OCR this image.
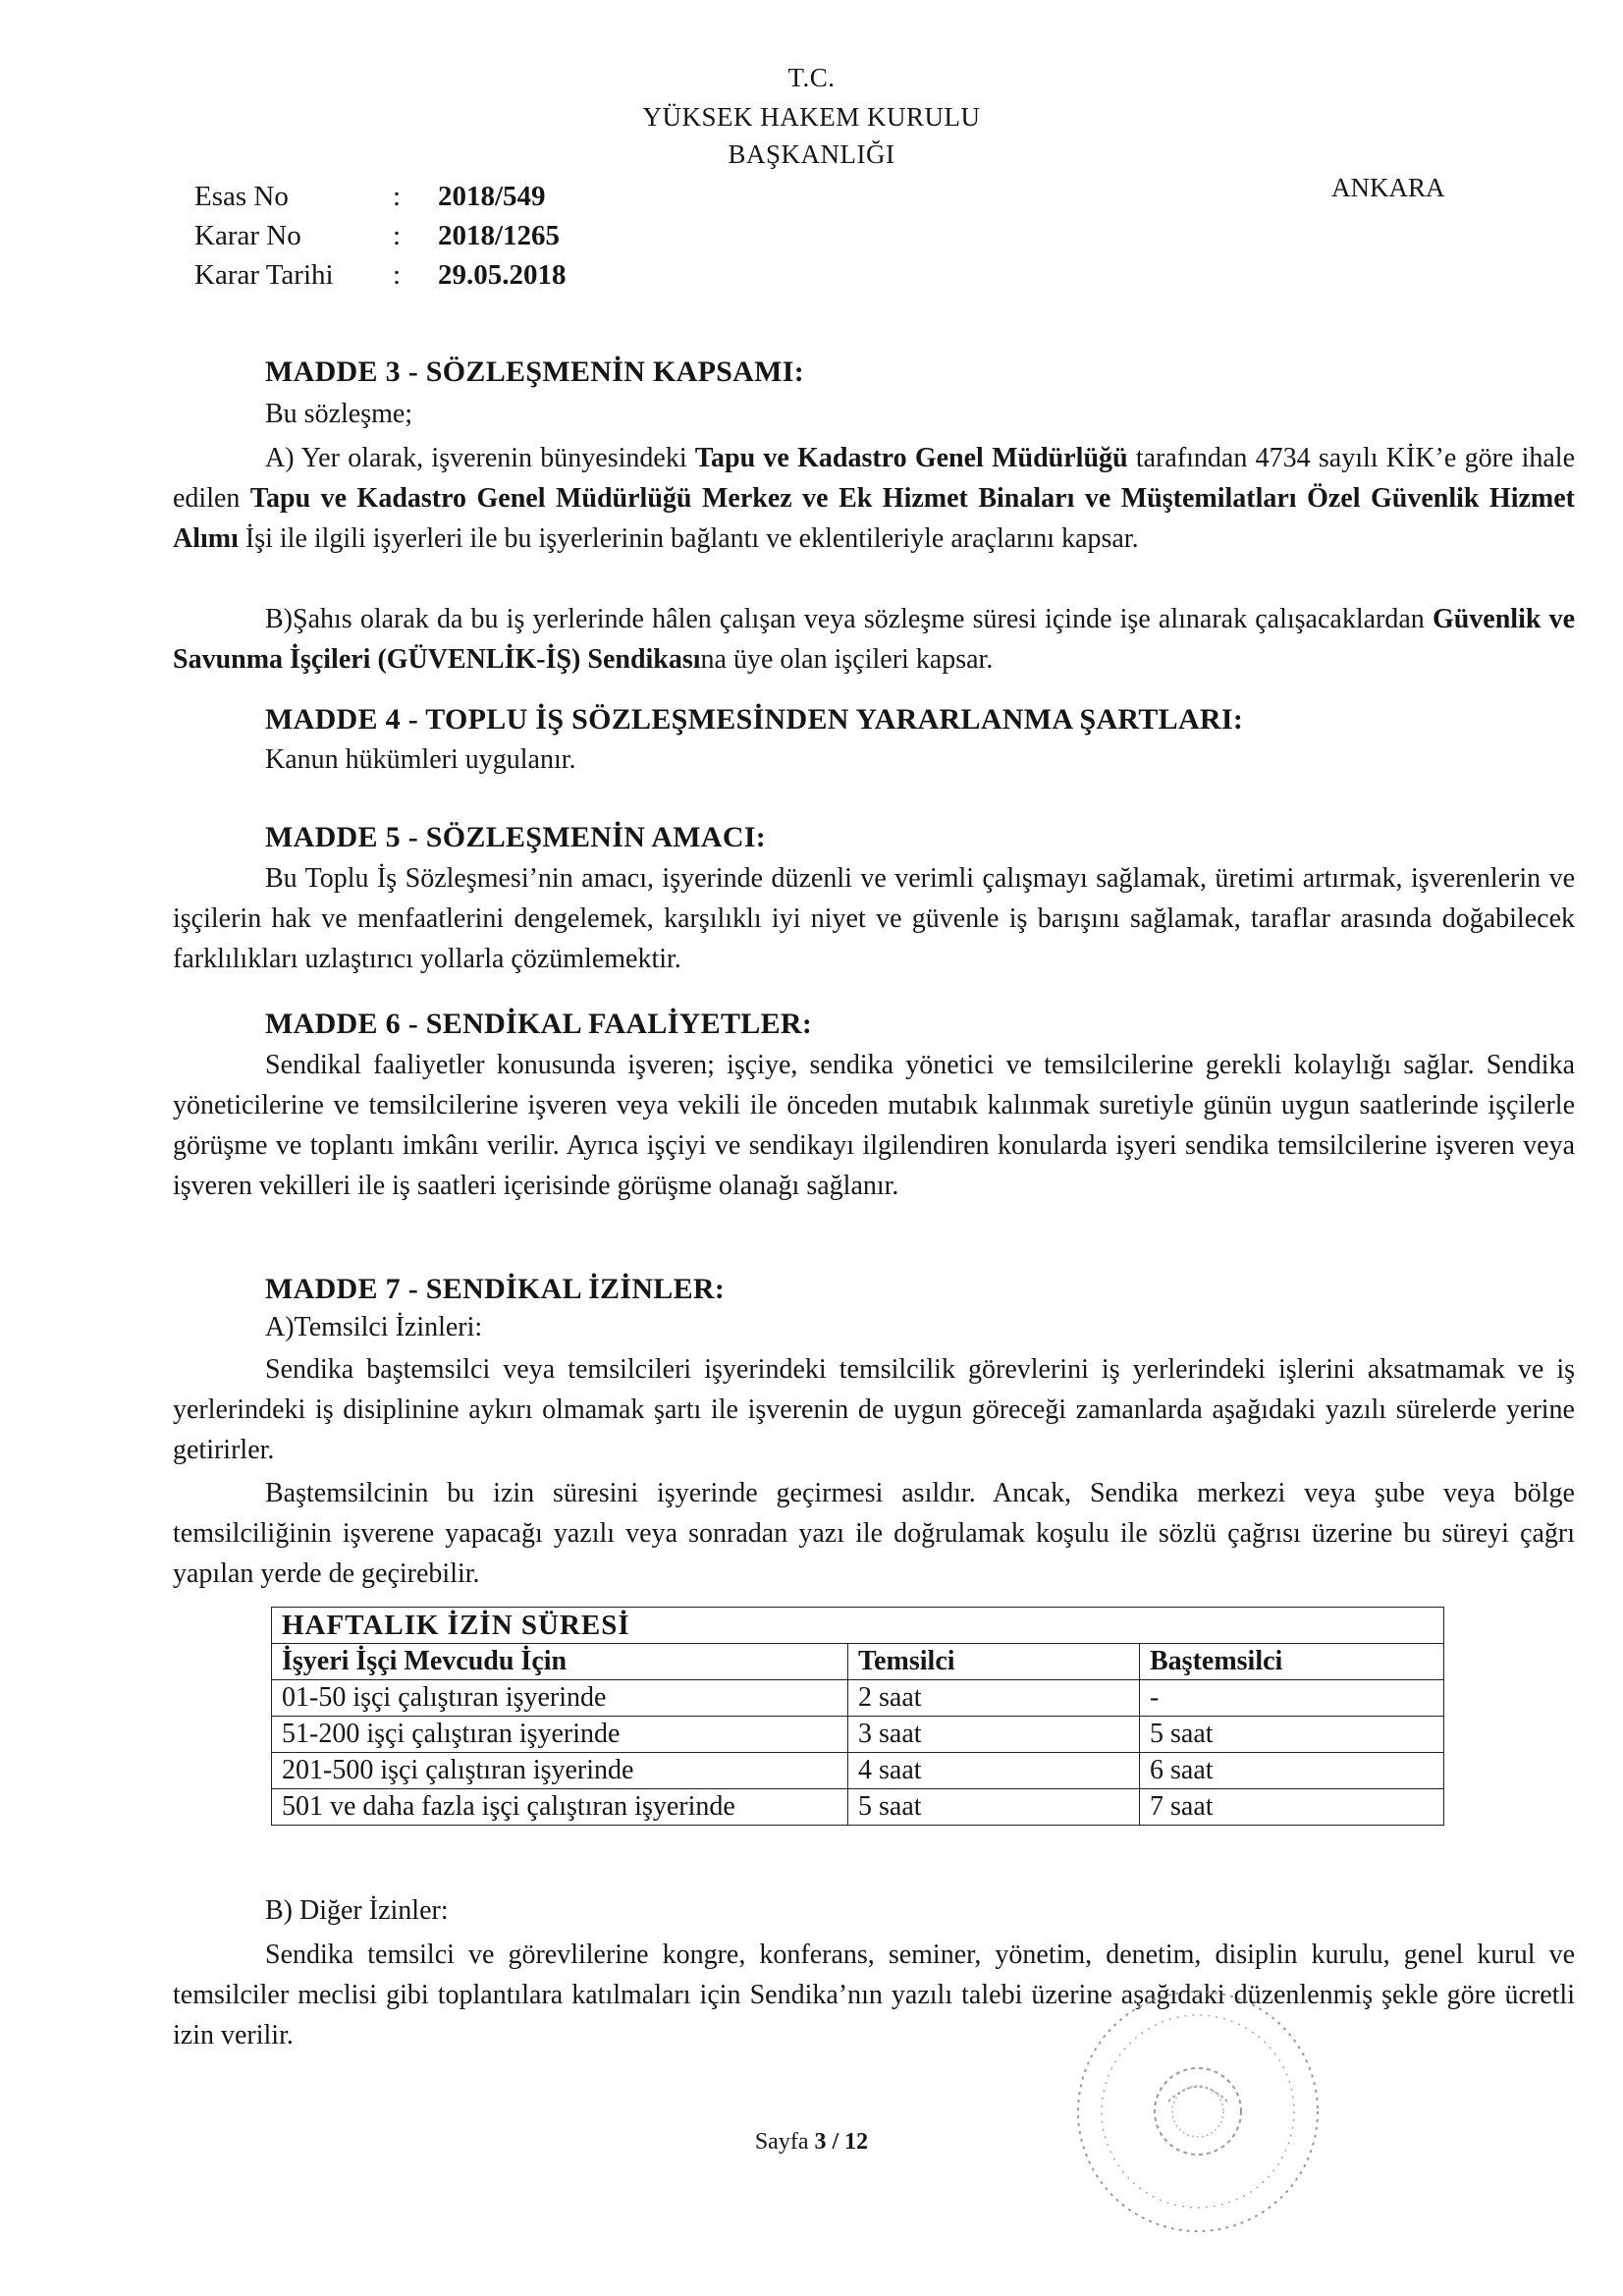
T.C.
YÜKSEK HAKEM KURULU
BAŞKANLIĞI
ANKARA
Esas No	: 2018/549
Karar No	: 2018/1265
Karar Tarihi : 29.05.2018
MADDE 3 - SÖZLEŞMENİN KAPSAMI:
Bu sözleşme;
A) Yer olarak, işverenin bünyesindeki Tapu ve Kadastro Genel Müdürlüğü tarafından 4734 sayılı KİK’e göre ihale edilen Tapu ve Kadastro Genel Müdürlüğü Merkez ve Ek Hizmet Binaları ve Müştemilatları Özel Güvenlik Hizmet Alımı İşi ile ilgili işyerleri ile bu işyerlerinin bağlantı ve eklentileriyle araçlarını kapsar.
B)Şahıs olarak da bu iş yerlerinde hâlen çalışan veya sözleşme süresi içinde işe alınarak çalışacaklardan Güvenlik ve Savunma İşçileri (GÜVENLİK-İŞ) Sendikasına üye olan işçileri kapsar.
MADDE 4 - TOPLU İŞ SÖZLEŞMESİNDEN YARARLANMA ŞARTLARI:
Kanun hükümleri uygulanır.
MADDE 5 - SÖZLEŞMENİN AMACI:
Bu Toplu İş Sözleşmesi’nin amacı, işyerinde düzenli ve verimli çalışmayı sağlamak, üretimi artırmak, işverenlerin ve işçilerin hak ve menfaatlerini dengelemek, karşılıklı iyi niyet ve güvenle iş barışını sağlamak, taraflar arasında doğabilecek farklılıkları uzlaştırıcı yollarla çözümlemektir.
MADDE 6 - SENDİKAL FAALİYETLER:
Sendikal faaliyetler konusunda işveren; işçiye, sendika yönetici ve temsilcilerine gerekli kolaylığı sağlar. Sendika yöneticilerine ve temsilcilerine işveren veya vekili ile önceden mutabık kalınmak suretiyle günün uygun saatlerinde işçilerle görüşme ve toplantı imkânı verilir. Ayrıca işçiyi ve sendikayı ilgilendiren konularda işyeri sendika temsilcilerine işveren veya işveren vekilleri ile iş saatleri içerisinde görüşme olanağı sağlanır.
MADDE 7 - SENDİKAL İZİNLER:
A)Temsilci İzinleri:
Sendika baştemsilci veya temsilcileri işyerindeki temsilcilik görevlerini iş yerlerindeki işlerini aksatmamak ve iş yerlerindeki iş disiplinine aykırı olmamak şartı ile işverenin de uygun göreceği zamanlarda aşağıdaki yazılı sürelerde yerine getirirler.
Baştemsilcinin bu izin süresini işyerinde geçirmesi asıldır. Ancak, Sendika merkezi veya şube veya bölge temsilciliğinin işverene yapacağı yazılı veya sonradan yazı ile doğrulamak koşulu ile sözlü çağrısı üzerine bu süreyi çağrı yapılan yerde de geçirebilir.
HAFTALIK İZİN SÜRESİ		
İşyeri İşçi Mevcudu İçin	Temsilci	Baştemsilci
01-50 işçi çalıştıran işyerinde	2 saat	-
51-200 işçi çalıştıran işyerinde	3 saat	5 saat
201-500 işçi çalıştıran işyerinde	4 saat	6 saat
501 ve daha fazla işçi çalıştıran işyerinde	5 saat	7 saat
B) Diğer İzinler:
Sendika temsilci ve görevlilerine kongre, konferans, seminer, yönetim, denetim, disiplin kurulu, genel kurul ve temsilciler meclisi gibi toplantılara katılmaları için Sendika’nın yazılı talebi üzerine aşağıdaki düzenlenmiş şekle göre ücretli izin verilir.
Sayfa 3 / 12
